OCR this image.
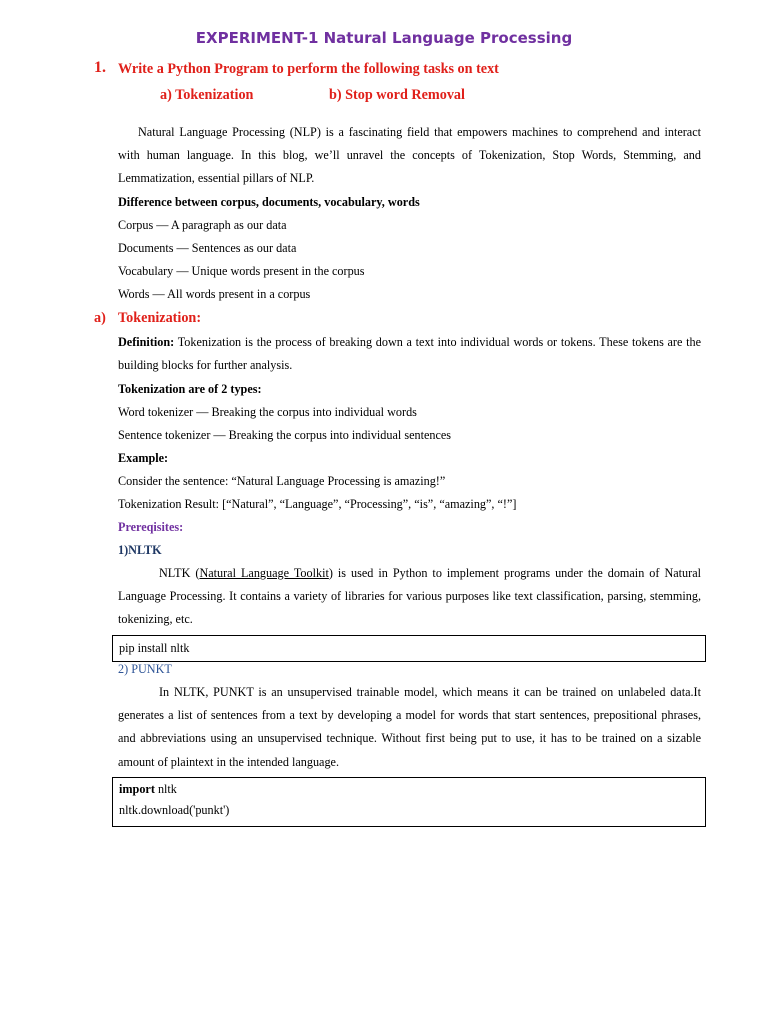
EXPERIMENT-1 Natural Language Processing
1. Write a Python Program to perform the following tasks on text
a) Tokenization	b) Stop word Removal

Natural Language Processing (NLP) is a fascinating field that empowers machines to comprehend and interact with human language. In this blog, we’ll unravel the concepts of Tokenization, Stop Words, Stemming, and Lemmatization, essential pillars of NLP.

Difference between corpus, documents, vocabulary, words
Corpus — A paragraph as our data
Documents — Sentences as our data
Vocabulary — Unique words present in the corpus
Words — All words present in a corpus
a) Tokenization:

Definition: Tokenization is the process of breaking down a text into individual words or tokens. These tokens are the building blocks for further analysis.

Tokenization are of 2 types:
Word tokenizer — Breaking the corpus into individual words
Sentence tokenizer — Breaking the corpus into individual sentences
Example:
Consider the sentence: “Natural Language Processing is amazing!”
Tokenization Result: [“Natural”, “Language”, “Processing”, “is”, “amazing”, “!”]
Prereqisites:
1)NLTK

NLTK (Natural Language Toolkit) is used in Python to implement programs under the domain of Natural Language Processing. It contains a variety of libraries for various purposes like text classification, parsing, stemming, tokenizing, etc.

pip install nltk
2) PUNKT

In NLTK, PUNKT is an unsupervised trainable model, which means it can be trained on unlabeled data.It generates a list of sentences from a text by developing a model for words that start sentences, prepositional phrases, and abbreviations using an unsupervised technique. Without first being put to use, it has to be trained on a sizable amount of plaintext in the intended language.

import nltk
nltk.download('punkt')
